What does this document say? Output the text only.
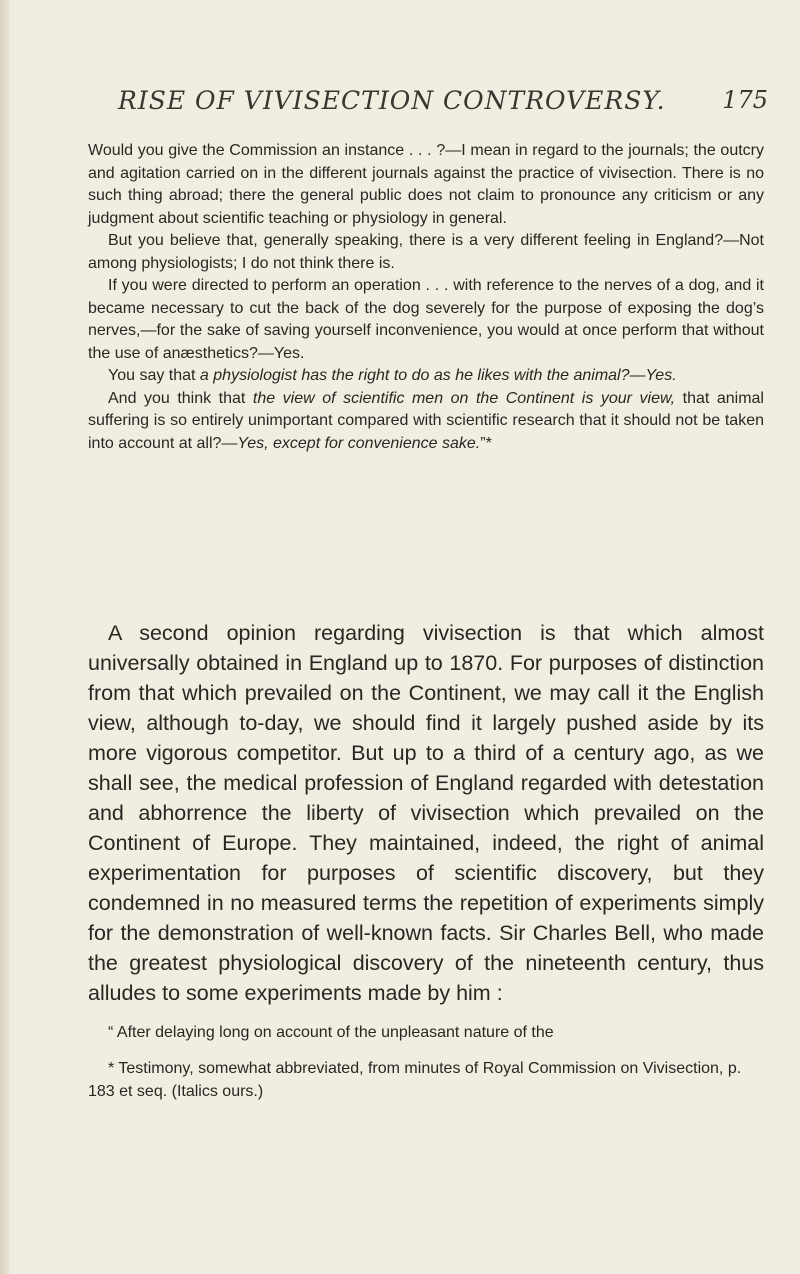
RISE OF VIVISECTION CONTROVERSY. 175

Would you give the Commission an instance . . . ?—I mean in regard to the journals; the outcry and agitation carried on in the different journals against the practice of vivisection. There is no such thing abroad; there the general public does not claim to pronounce any criticism or any judgment about scientific teaching or physiology in general.

But you believe that, generally speaking, there is a very different feeling in England?—Not among physiologists; I do not think there is.

If you were directed to perform an operation . . . with reference to the nerves of a dog, and it became necessary to cut the back of the dog severely for the purpose of exposing the dog’s nerves,—for the sake of saving yourself inconvenience, you would at once perform that without the use of anæsthetics?—Yes.

You say that a physiologist has the right to do as he likes with the animal?—Yes.

And you think that the view of scientific men on the Continent is your view, that animal suffering is so entirely unimportant compared with scientific research that it should not be taken into account at all?—Yes, except for convenience sake.”*

A second opinion regarding vivisection is that which almost universally obtained in England up to 1870. For purposes of distinction from that which prevailed on the Continent, we may call it the English view, although to-day, we should find it largely pushed aside by its more vigorous competitor. But up to a third of a century ago, as we shall see, the medical profession of England regarded with detestation and abhorrence the liberty of vivisection which prevailed on the Continent of Europe. They maintained, indeed, the right of animal experimentation for purposes of scientific discovery, but they condemned in no measured terms the repetition of experiments simply for the demonstration of well-known facts. Sir Charles Bell, who made the greatest physiological discovery of the nineteenth century, thus alludes to some experiments made by him :

“ After delaying long on account of the unpleasant nature of the
* Testimony, somewhat abbreviated, from minutes of Royal Commission on Vivisection, p. 183 et seq. (Italics ours.)
